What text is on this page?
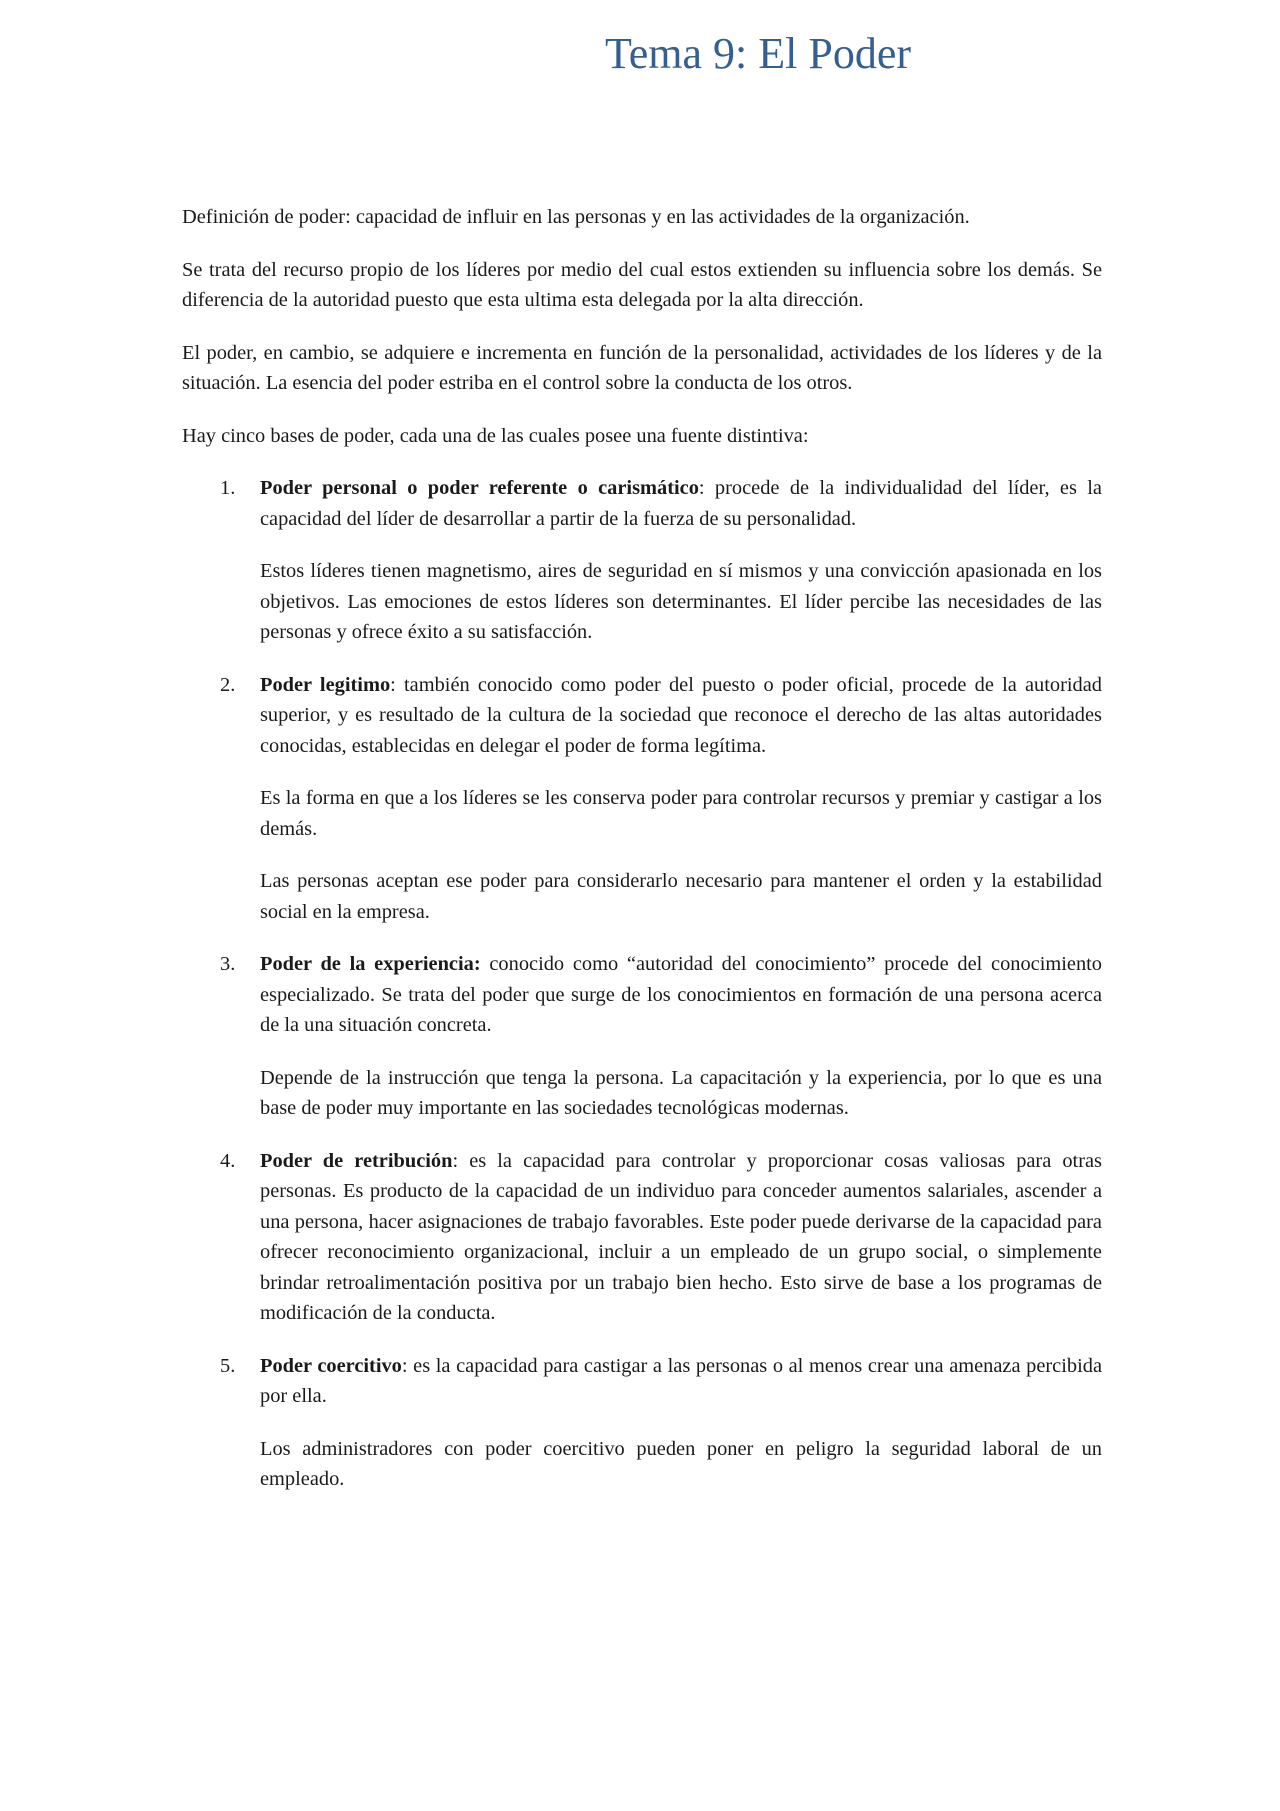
Tema 9: El Poder

Definición de poder: capacidad de influir en las personas y en las actividades de la organización.

Se trata del recurso propio de los líderes por medio del cual estos extienden su influencia sobre los demás. Se diferencia de la autoridad puesto que esta ultima esta delegada por la alta dirección.

El poder, en cambio, se adquiere e incrementa en función de la personalidad, actividades de los líderes y de la situación. La esencia del poder estriba en el control sobre la conducta de los otros.

Hay cinco bases de poder, cada una de las cuales posee una fuente distintiva:

1. Poder personal o poder referente o carismático: procede de la individualidad del líder, es la capacidad del líder de desarrollar a partir de la fuerza de su personalidad.

Estos líderes tienen magnetismo, aires de seguridad en sí mismos y una convicción apasionada en los objetivos. Las emociones de estos líderes son determinantes. El líder percibe las necesidades de las personas y ofrece éxito a su satisfacción.

2. Poder legitimo: también conocido como poder del puesto o poder oficial, procede de la autoridad superior, y es resultado de la cultura de la sociedad que reconoce el derecho de las altas autoridades conocidas, establecidas en delegar el poder de forma legítima.

Es la forma en que a los líderes se les conserva poder para controlar recursos y premiar y castigar a los demás.

Las personas aceptan ese poder para considerarlo necesario para mantener el orden y la estabilidad social en la empresa.

3. Poder de la experiencia: conocido como “autoridad del conocimiento” procede del conocimiento especializado. Se trata del poder que surge de los conocimientos en formación de una persona acerca de la una situación concreta.

Depende de la instrucción que tenga la persona. La capacitación y la experiencia, por lo que es una base de poder muy importante en las sociedades tecnológicas modernas.

4. Poder de retribución: es la capacidad para controlar y proporcionar cosas valiosas para otras personas. Es producto de la capacidad de un individuo para conceder aumentos salariales, ascender a una persona, hacer asignaciones de trabajo favorables. Este poder puede derivarse de la capacidad para ofrecer reconocimiento organizacional, incluir a un empleado de un grupo social, o simplemente brindar retroalimentación positiva por un trabajo bien hecho. Esto sirve de base a los programas de modificación de la conducta.

5. Poder coercitivo: es la capacidad para castigar a las personas o al menos crear una amenaza percibida por ella.

Los administradores con poder coercitivo pueden poner en peligro la seguridad laboral de un empleado.
